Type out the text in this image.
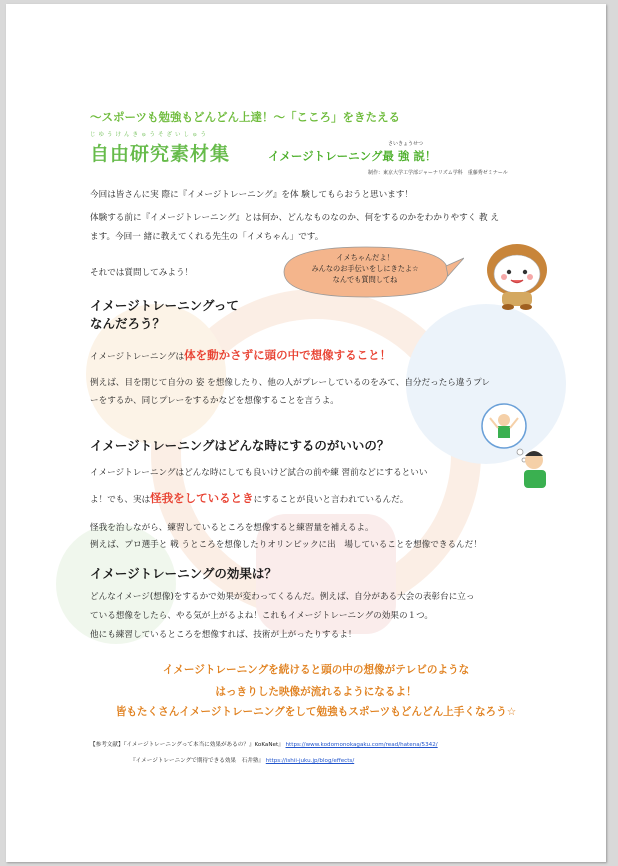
〜スポーツも勉強もどんどん上達！〜「こころ」をきたえる
じゆうけんきゅうそざいしゅう
自由研究素材集	さいきょうせつ
イメージトレーニング最 強 説！
制作：東京大学工学部ジャーナリズム学科　重藤秀ゼミナール
今回は皆さんに実 際に『イメージトレーニング』を体 験してもらおうと思います！
体験する前に『イメージトレーニング』とは何か、どんなものなのか、何をするのかをわかりやすく 教 え
ます。今回一 緒に教えてくれる先生の「イメちゃん」です。
それでは質問してみよう！
イメちゃんだよ！
みんなのお手伝いをしにきたよ☆
なんでも質問してね
イメージトレーニングって
なんだろう？
イメージトレーニングは体を動かさずに頭の中で想像すること！
例えば、目を閉じて自分の 姿 を想像したり、他の人がプレーしているのをみて、自分だったら違うプレ
ーをするか、同じプレーをするかなどを想像することを言うよ。
イメージトレーニングはどんな時にするのがいいの？
イメージトレーニングはどんな時にしても良いけど試合の前や練 習前などにするといい
よ！でも、実は怪我をしているときにすることが良いと言われているんだ。
怪我を治しながら、練習しているところを想像すると練習量を補えるよ。
例えば、プロ選手と 戦 うところを想像したりオリンピックに出　場していることを想像できるんだ！
イメージトレーニングの効果は？
どんなイメージ(想像)をするかで効果が変わってくるんだ。例えば、自分がある大会の表彰台に立っ
ている想像をしたら、やる気が上がるよね！これもイメージトレーニングの効果の１つ。
他にも練習しているところを想像すれば、技術が上がったりするよ！
イメージトレーニングを続けると頭の中の想像がテレビのような
はっきりした映像が流れるようになるよ！
皆もたくさんイメージトレーニングをして勉強もスポーツもどんどん上手くなろう☆
【参考文献】『イメージトレーニングって本当に効果があるの？』KoKaNet』 https://www.kodomonokagaku.com/read/hatena/5342/
『イメージトレーニングで期待できる効果　石井塾』 https://ishii-juku.jp/blog/effects/
